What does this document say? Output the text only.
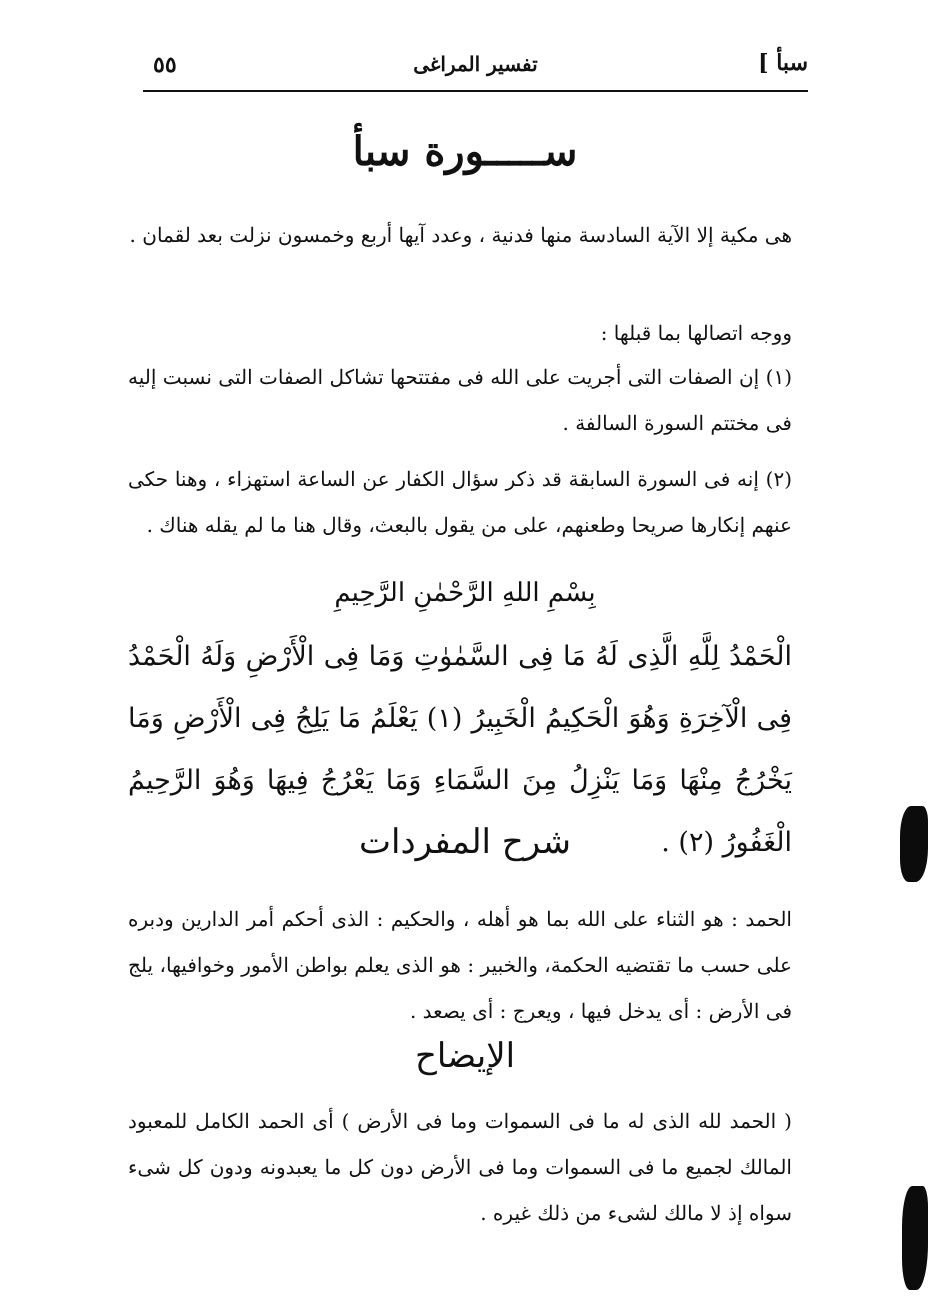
٥٥	تفسير المراغى	سبأ ]
ســـــورة سبأ
هى مكية إلا الآية السادسة منها فدنية ، وعدد آيها أربع وخمسون نزلت بعد لقمان .
ووجه اتصالها بما قبلها :
(١) إن الصفات التى أجريت على الله فى مفتتحها تشاكل الصفات التى نسبت إليه فى مختتم السورة السالفة .
(٢) إنه فى السورة السابقة قد ذكر سؤال الكفار عن الساعة استهزاء ، وهنا حكى عنهم إنكارها صريحا وطعنهم، على من يقول بالبعث، وقال هنا ما لم يقله هناك .
بِسْمِ اللهِ الرَّحْمٰنِ الرَّحِيمِ
الْحَمْدُ لِلَّهِ الَّذِى لَهُ مَا فِى السَّمٰوٰتِ وَمَا فِى الْأَرْضِ وَلَهُ الْحَمْدُ فِى الْآخِرَةِ وَهُوَ الْحَكِيمُ الْخَبِيرُ (١) يَعْلَمُ مَا يَلِجُ فِى الْأَرْضِ وَمَا يَخْرُجُ مِنْهَا وَمَا يَنْزِلُ مِنَ السَّمَاءِ وَمَا يَعْرُجُ فِيهَا وَهُوَ الرَّحِيمُ الْغَفُورُ (٢) .
شرح المفردات
الحمد : هو الثناء على الله بما هو أهله ، والحكيم : الذى أحكم أمر الدارين ودبره على حسب ما تقتضيه الحكمة، والخبير : هو الذى يعلم بواطن الأمور وخوافيها، يلج فى الأرض : أى يدخل فيها ، ويعرج : أى يصعد .
الإيضاح
( الحمد لله الذى له ما فى السموات وما فى الأرض ) أى الحمد الكامل للمعبود المالك لجميع ما فى السموات وما فى الأرض دون كل ما يعبدونه ودون كل شىء سواه إذ لا مالك لشىء من ذلك غيره .
